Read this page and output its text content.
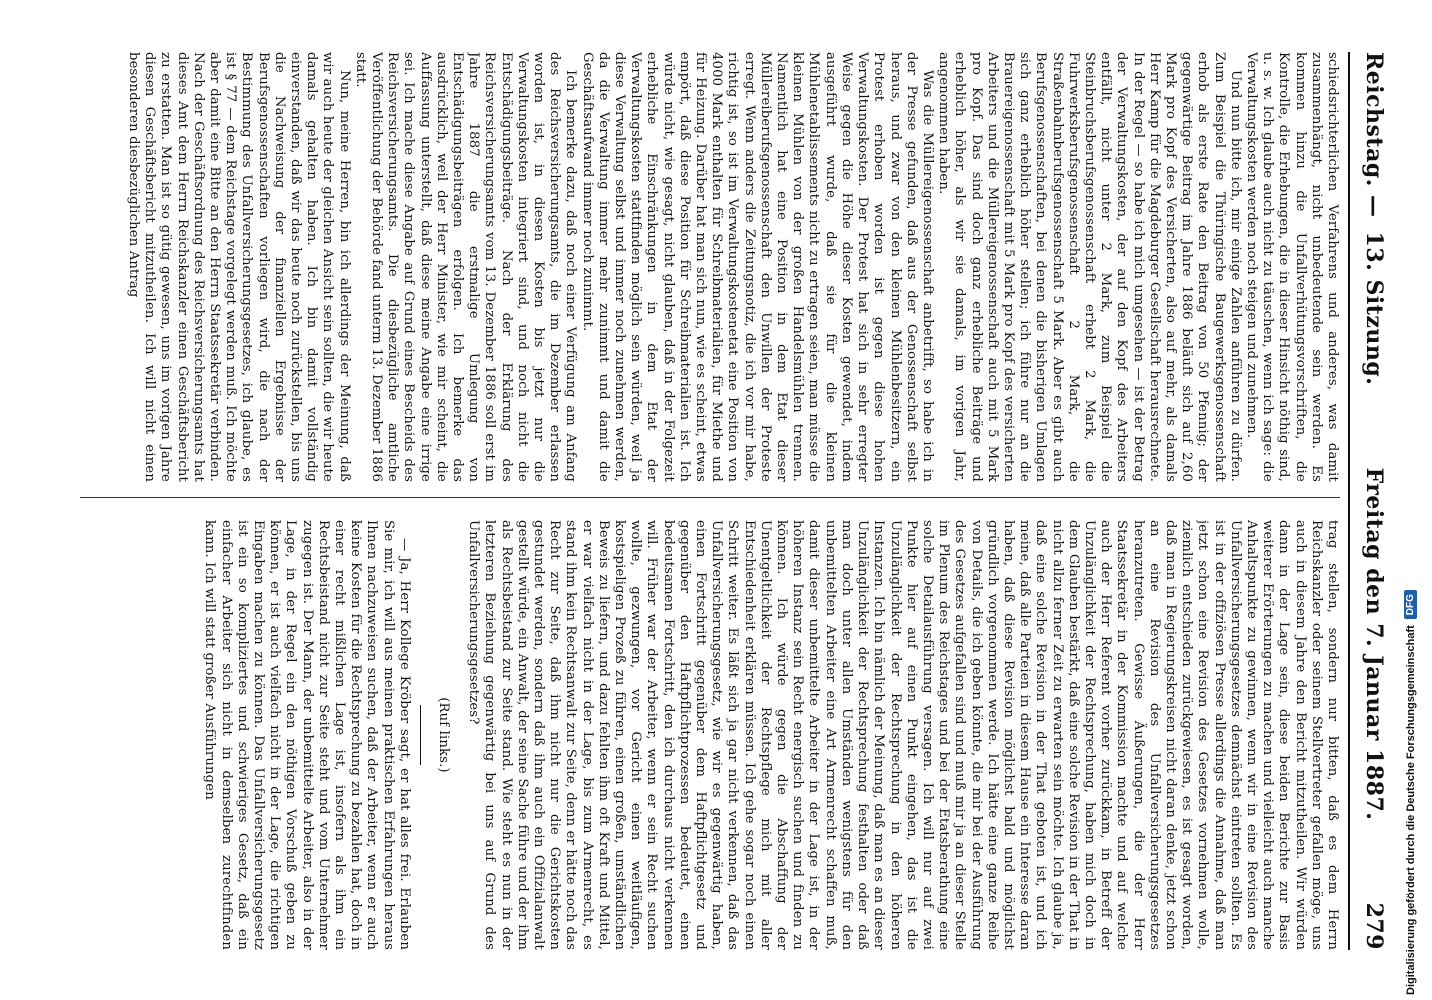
Reichstag. —
13. Sitzung.
Freitag den 7. Januar 1887.
279

schiedsrichterlichen Verfahrens und anderes, was damit zusammenhängt, nicht unbedeutende sein werden. Es kommen hinzu die Unfallverhütungsvorschriften, die Kontrolle, die Erhebungen, die in dieser Hinsicht nöthig sind, u. s. w. Ich glaube auch nicht zu täuschen, wenn ich sage: die Verwaltungskosten werden noch steigen und zunehmen.

Und nun bitte ich, mir einige Zahlen anführen zu dürfen. Zum Beispiel die Thüringische Baugewerksgenossenschaft erhob als erste Rate den Beitrag von 50 Pfennig; der gegenwärtige Beitrag im Jahre 1886 beläuft sich auf 2,60 Mark pro Kopf des Versicherten, also auf mehr, als damals Herr Kamp für die Magdeburger Gesellschaft herausrechnete. In der Regel — so habe ich mich umgesehen — ist der Betrag der Verwaltungskosten, der auf den Kopf des Arbeiters entfällt, nicht unter 2 Mark, zum Beispiel die Steinbruchsberufsgenossenschaft erhebt 2 Mark, die Fuhrwerksberufsgenossenschaft 2 Mark, die Straßenbahnberufsgenossenschaft 5 Mark. Aber es gibt auch Berufsgenossenschaften, bei denen die bisherigen Umlagen sich ganz erheblich höher stellen; ich führe nur an die Brauereigenossenschaft mit 5 Mark pro Kopf des versicherten Arbeiters und die Müllereigenossenschaft auch mit 5 Mark pro Kopf. Das sind doch ganz erhebliche Beiträge und erheblich höher, als wir sie damals, im vorigen Jahr, angenommen haben.

Was die Müllereigenossenschaft anbetrifft, so habe ich in der Presse gefunden, daß aus der Genossenschaft selbst heraus, und zwar von den kleinen Mühlenbesitzern, ein Protest erhoben worden ist gegen diese hohen Verwaltungskosten. Der Protest hat sich in sehr erregter Weise gegen die Höhe dieser Kosten gewendet, indem ausgeführt wurde, daß sie für die kleinen Mühlenetablissements nicht zu ertragen seien, man müsse die kleinen Mühlen von der großen Handelsmühlen trennen. Namentlich hat eine Position in dem Etat dieser Müllereiberufsgenossenschaft den Unwillen der Proteste erregt. Wenn anders die Zeitungsnotiz, die ich vor mir habe, richtig ist, so ist im Verwaltungskostenetat eine Position von 4000 Mark enthalten für Schreibmaterialien, für Miethe und für Heizung. Darüber hat man sich nun, wie es scheint, etwas empört, daß diese Position für Schreibmaterialien ist. Ich würde nicht, wie gesagt, nicht glauben, daß in der Folgezeit erhebliche Einschränkungen in dem Etat der Verwaltungskosten stattfinden möglich sein würden, weil ja diese Verwaltung selbst und immer noch zunehmen werden, da die Verwaltung immer mehr zunimmt und damit die Geschäftsaufwand immer noch zunimmt.

Ich bemerke dazu, daß noch einer Verfügung am Anfang des Reichsversicherungsamts, die im Dezember erlassen worden ist, in diesen Kosten bis jetzt nur die Verwaltungskosten integriert sind, und noch nicht die Entschädigungsbeiträge. Nach der Erklärung des Reichsversicherungsamts vom 13. Dezember 1886 soll erst im Jahre 1887 die erstmalige Umlegung von Entschädigungsbeiträgen erfolgen. Ich bemerke das ausdrücklich, weil der Herr Minister, wie mir scheint, die Auffassung unterstellt, daß diese meine Angabe eine irrige sei. Ich mache diese Angabe auf Grund eines Bescheids des Reichsversicherungsamts. Die diesbezügliche amtliche Veröffentlichung der Behörde fand unterm 13. Dezember 1886 statt.

Nun, meine Herren, bin ich allerdings der Meinung, daß wir auch heute der gleichen Ansicht sein sollten, die wir heute damals gehalten haben. Ich bin damit vollständig einverstanden, daß wir das heute noch zurückstellen, bis uns die Nachweisung der finanziellen Ergebnisse der Berufsgenossenschaften vorliegen wird, die nach der Bestimmung des Unfallversicherungsgesetzes, ich glaube, es ist § 77 — dem Reichstage vorgelegt werden muß. Ich möchte aber damit eine Bitte an den Herrn Staatssekretär verbinden. Nach der Geschäftsordnung des Reichsversicherungsamts hat dieses Amt dem Herrn Reichskanzler einen Geschäftsbericht zu erstatten. Man ist so gütig gewesen, uns im vorigen Jahre diesen Geschäftsbericht mitzutheilen. Ich will nicht einen besonderen diesbezüglichen Antrag

trag stellen, sondern nur bitten, daß es dem Herrn Reichskanzler oder seinem Stellvertreter gefallen möge, uns auch in diesem Jahre den Bericht mitzutheilen. Wir würden dann in der Lage sein, diese beiden Berichte zur Basis weiterer Erörterungen zu machen und vielleicht auch manche Anhaltspunkte zu gewinnen, wenn wir in eine Revision des Unfallversicherungsgesetzes demnächst eintreten sollten. Es ist in der offiziösen Presse allerdings die Annahme, daß man jetzt schon eine Revision des Gesetzes vornehmen wolle, ziemlich entschieden zurückgewiesen, es ist gesagt worden, daß man in Regierungskreisen nicht daran denke, jetzt schon an eine Revision des Unfallversicherungsgesetzes heranzutreten. Gewisse Äußerungen, die der Herr Staatssekretär in der Kommission machte und auf welche auch der Herr Referent vorher zurückkam, in Betreff der Unzulänglichkeit der Rechtsprechung, haben mich doch in dem Glauben bestärkt, daß eine solche Revision in der That in nicht allzu ferner Zeit zu erwarten sein möchte. Ich glaube ja, daß eine solche Revision in der That geboten ist, und ich meine, daß alle Parteien in diesem Hause ein Interesse daran haben, daß diese Revision möglichst bald und möglichst gründlich vorgenommen werde. Ich hätte eine ganze Reihe von Details, die ich geben könnte, die mir bei der Ausführung des Gesetzes aufgefallen sind und muß mir ja an dieser Stelle im Plenum des Reichstages und bei der Etatsberathung eine solche Detailausführung versagen. Ich will nur auf zwei Punkte hier auf einen Punkt eingehen, das ist die Unzulänglichkeit der Rechtsprechung in den höheren Instanzen. Ich bin nämlich der Meinung, daß man es an dieser Unzulänglichkeit der Rechtsprechung festhalten oder daß man doch unter allen Umständen wenigstens für den unbemittelten Arbeiter eine Art Armenrecht schaffen muß, damit dieser unbemittelte Arbeiter in der Lage ist, in der höheren Instanz sein Recht energisch suchen und finden zu können. Ich würde gegen die Abschaffung der Unentgeltlichkeit der Rechtspflege mich mit aller Entschiedenheit erklären müssen. Ich gehe sogar noch einen Schritt weiter. Es läßt sich ja gar nicht verkennen, daß das Unfallversicherungsgesetz, wie wir es gegenwärtig haben, einen Fortschritt gegenüber dem Haftpflichtgesetz und gegenüber den Haftpflichtprozessen bedeutet, einen bedeutsamen Fortschritt, den ich durchaus nicht verkennen will. Früher war der Arbeiter, wenn er sein Recht suchen wollte, gezwungen, vor Gericht einen weitläufigen, kostspieligen Prozeß zu führen, einen großen, umständlichen Beweis zu liefern, und dazu fehlten ihm oft Kraft und Mittel, er war vielfach nicht in der Lage, bis zum Armenrecht, es stand ihm kein Rechtsanwalt zur Seite, denn er hätte noch das Recht zur Seite, daß ihm nicht nur die Gerichtskosten gestundet werden, sondern daß ihm auch ein Offizialanwalt gestellt würde, ein Anwalt, der seine Sache führe und der ihm als Rechtsbeistand zur Seite stand. Wie steht es nun in der letzteren Beziehung gegenwärtig bei uns auf Grund des Unfallversicherungsgesetzes?

(Ruf links.)

— Ja, Herr Kollege Kröber sagt, er hat alles frei. Erlauben Sie mir, ich will aus meinen praktischen Erfahrungen heraus Ihnen nachzuweisen suchen, daß der Arbeiter, wenn er auch keine Kosten für die Rechtsprechung zu bezahlen hat, doch in einer recht mißlichen Lage ist, insofern als ihm ein Rechtsbeistand nicht zur Seite steht und vom Unternehmer zugegen ist. Der Mann, der unbemittelte Arbeiter, also in der Lage, in der Regel ein den nöthigen Vorschuß geben zu können, er ist auch vielfach nicht in der Lage, die richtigen Eingaben machen zu können. Das Unfallversicherungsgesetz ist ein so kompliziertes und schwieriges Gesetz, daß ein einfacher Arbeiter sich nicht in demselben zurechtfinden kann. Ich will statt großer Ausführungen	Digitalisierung gefördert durch die Deutsche Forschungsgemeinschaft
DFG
